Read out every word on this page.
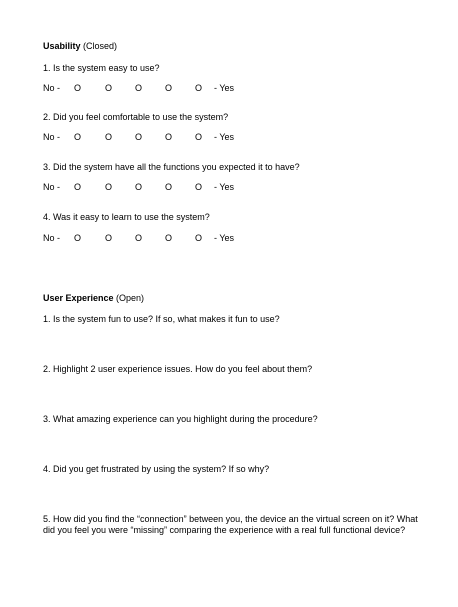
Usability (Closed)
1. Is the system easy to use?
No - O	O	O	O	O - Yes
2. Did you feel comfortable to use the system?
No - O	O	O	O	O - Yes
3. Did the system have all the functions you expected it to have?
No - O	O	O	O	O - Yes
4. Was it easy to learn to use the system?
No - O	O	O	O	O - Yes
User Experience (Open)
1. Is the system fun to use? If so, what makes it fun to use?
2. Highlight 2 user experience issues. How do you feel about them?
3. What amazing experience can you highlight during the procedure?
4. Did you get frustrated by using the system? If so why?
5. How did you find the “connection” between you, the device an the virtual screen on it? What did you feel you were “missing” comparing the experience with a real full functional device?
